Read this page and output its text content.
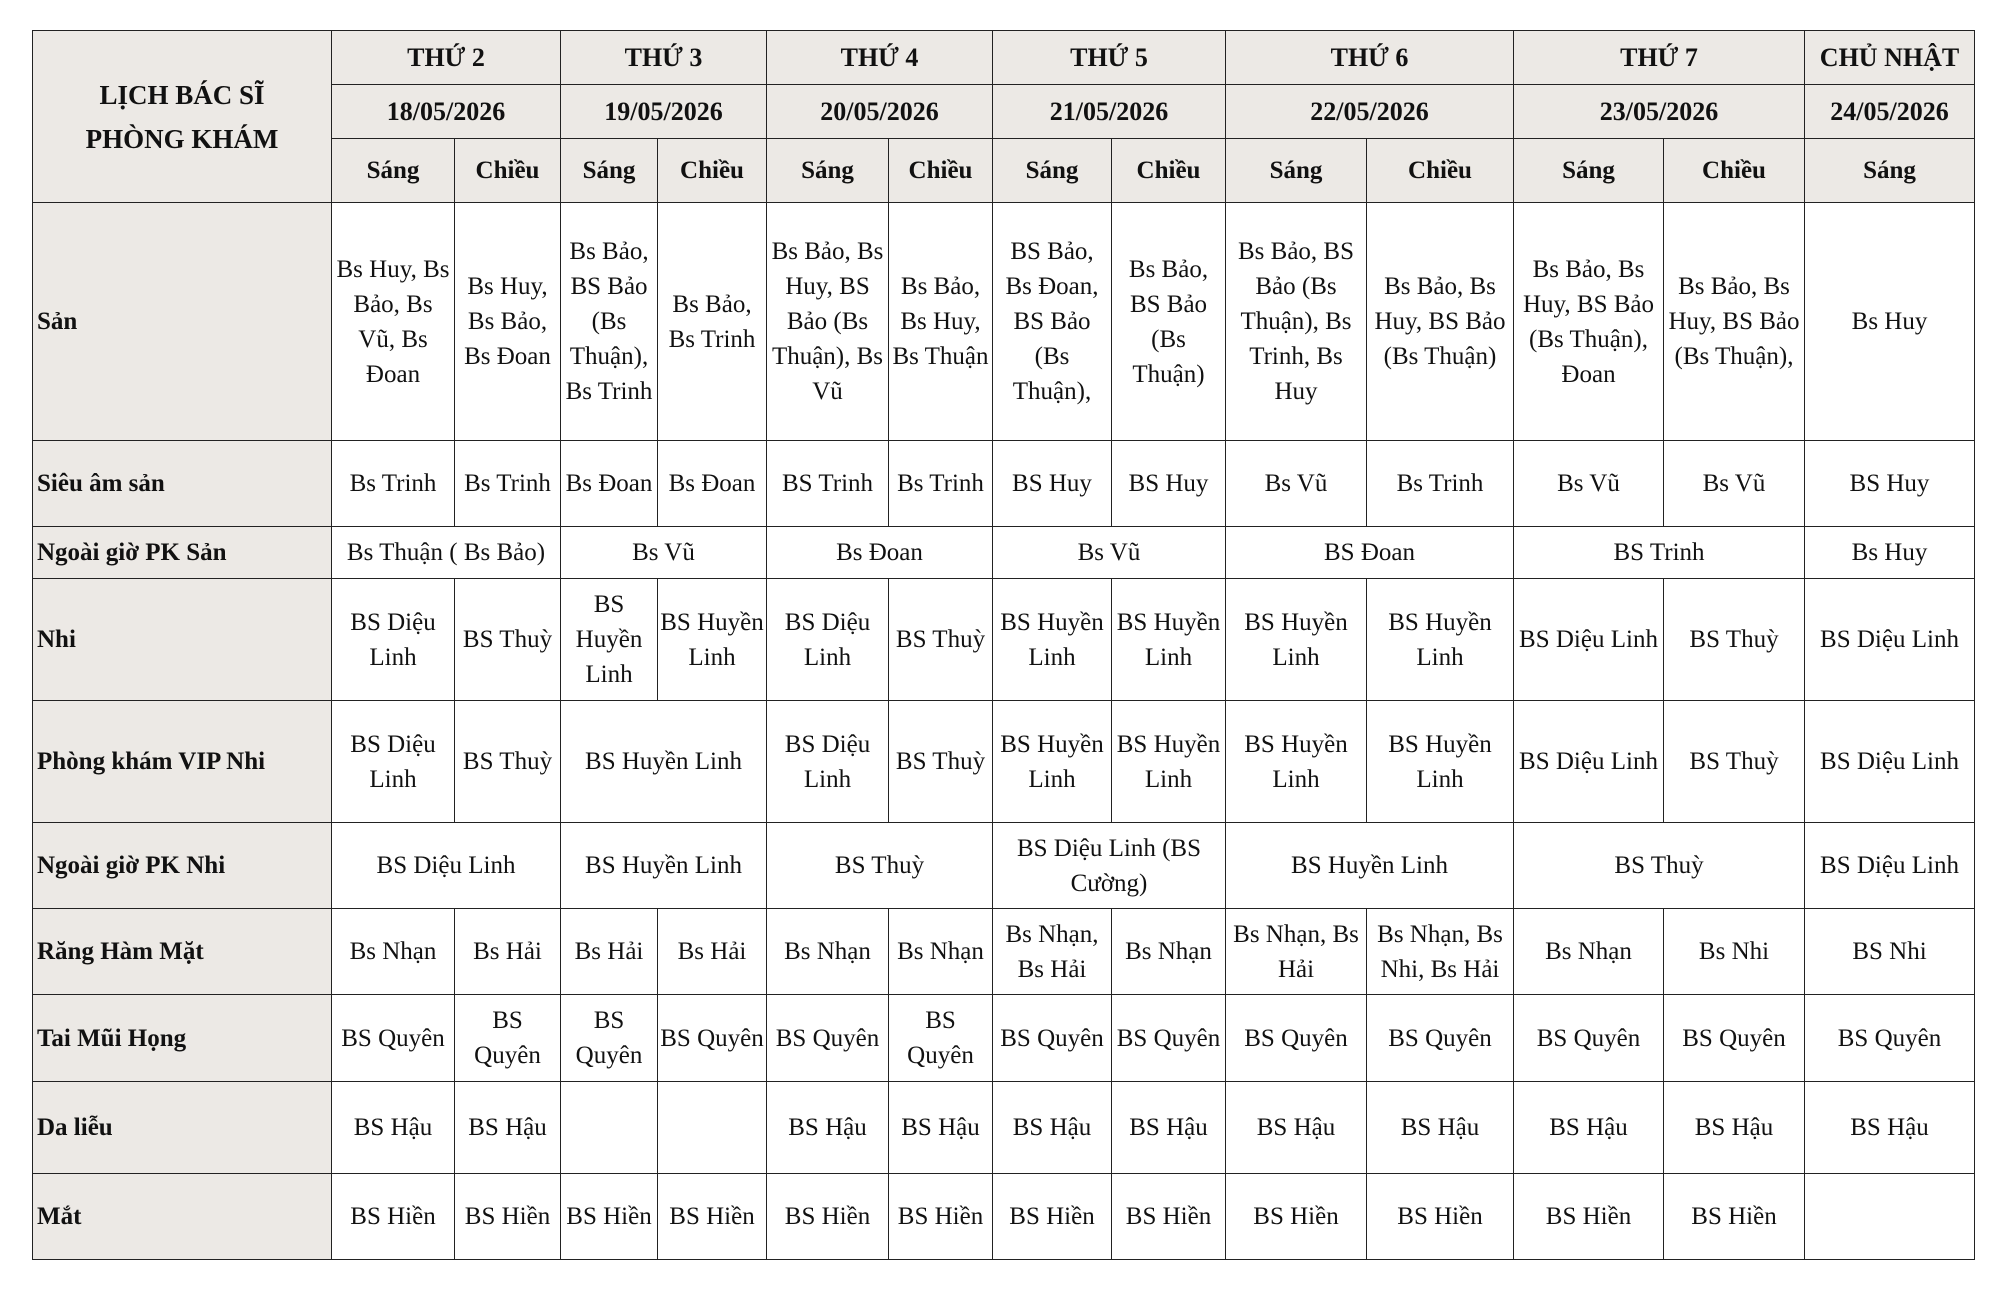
LỊCH BÁC SĨ
PHÒNG KHÁM	THỨ 2		THỨ 3		THỨ 4		THỨ 5		THỨ 6		THỨ 7		CHỦ NHẬT
	18/05/2026		19/05/2026		20/05/2026		21/05/2026		22/05/2026		23/05/2026		24/05/2026
	Sáng	Chiều	Sáng	Chiều	Sáng	Chiều	Sáng	Chiều	Sáng	Chiều	Sáng	Chiều	Sáng
Sản	Bs Huy, Bs Bảo, Bs Vũ, Bs Đoan	Bs Huy, Bs Bảo, Bs Đoan	Bs Bảo, BS Bảo (Bs Thuận), Bs Trinh	Bs Bảo, Bs Trinh	Bs Bảo, Bs Huy, BS Bảo (Bs Thuận), Bs Vũ	Bs Bảo, Bs Huy, Bs Thuận	BS Bảo, Bs Đoan, BS Bảo (Bs Thuận),	Bs Bảo, BS Bảo (Bs Thuận)	Bs Bảo, BS Bảo (Bs Thuận), Bs Trinh, Bs Huy	Bs Bảo, Bs Huy, BS Bảo (Bs Thuận)	Bs Bảo, Bs Huy, BS Bảo (Bs Thuận), Đoan	Bs Bảo, Bs Huy, BS Bảo (Bs Thuận),	Bs Huy
Siêu âm sản	Bs Trinh	Bs Trinh	Bs Đoan	Bs Đoan	BS Trinh	Bs Trinh	BS Huy	BS Huy	Bs Vũ	Bs Trinh	Bs Vũ	Bs Vũ	BS Huy
Ngoài giờ PK Sản	Bs Thuận ( Bs Bảo)		Bs Vũ		Bs Đoan		Bs Vũ		BS Đoan		BS Trinh		Bs Huy
Nhi	BS Diệu Linh	BS Thuỳ	BS Huyền Linh	BS Huyền Linh	BS Diệu Linh	BS Thuỳ	BS Huyền Linh	BS Huyền Linh	BS Huyền Linh	BS Huyền Linh	BS Diệu Linh	BS Thuỳ	BS Diệu Linh
Phòng khám VIP Nhi	BS Diệu Linh	BS Thuỳ	BS Huyền Linh		BS Diệu Linh	BS Thuỳ	BS Huyền Linh	BS Huyền Linh	BS Huyền Linh	BS Huyền Linh	BS Diệu Linh	BS Thuỳ	BS Diệu Linh
Ngoài giờ PK Nhi	BS Diệu Linh		BS Huyền Linh		BS Thuỳ		BS Diệu Linh (BS Cường)		BS Huyền Linh		BS Thuỳ		BS Diệu Linh
Răng Hàm Mặt	Bs Nhạn	Bs Hải	Bs Hải	Bs Hải	Bs Nhạn	Bs Nhạn	Bs Nhạn, Bs Hải	Bs Nhạn	Bs Nhạn, Bs Hải	Bs Nhạn, Bs Nhi, Bs Hải	Bs Nhạn	Bs Nhi	BS Nhi
Tai Mũi Họng	BS Quyên	BS Quyên	BS Quyên	BS Quyên	BS Quyên	BS Quyên	BS Quyên	BS Quyên	BS Quyên	BS Quyên	BS Quyên	BS Quyên	BS Quyên
Da liễu	BS Hậu	BS Hậu			BS Hậu	BS Hậu	BS Hậu	BS Hậu	BS Hậu	BS Hậu	BS Hậu	BS Hậu	BS Hậu
Mắt	BS Hiền	BS Hiền	BS Hiền	BS Hiền	BS Hiền	BS Hiền	BS Hiền	BS Hiền	BS Hiền	BS Hiền	BS Hiền	BS Hiền	
